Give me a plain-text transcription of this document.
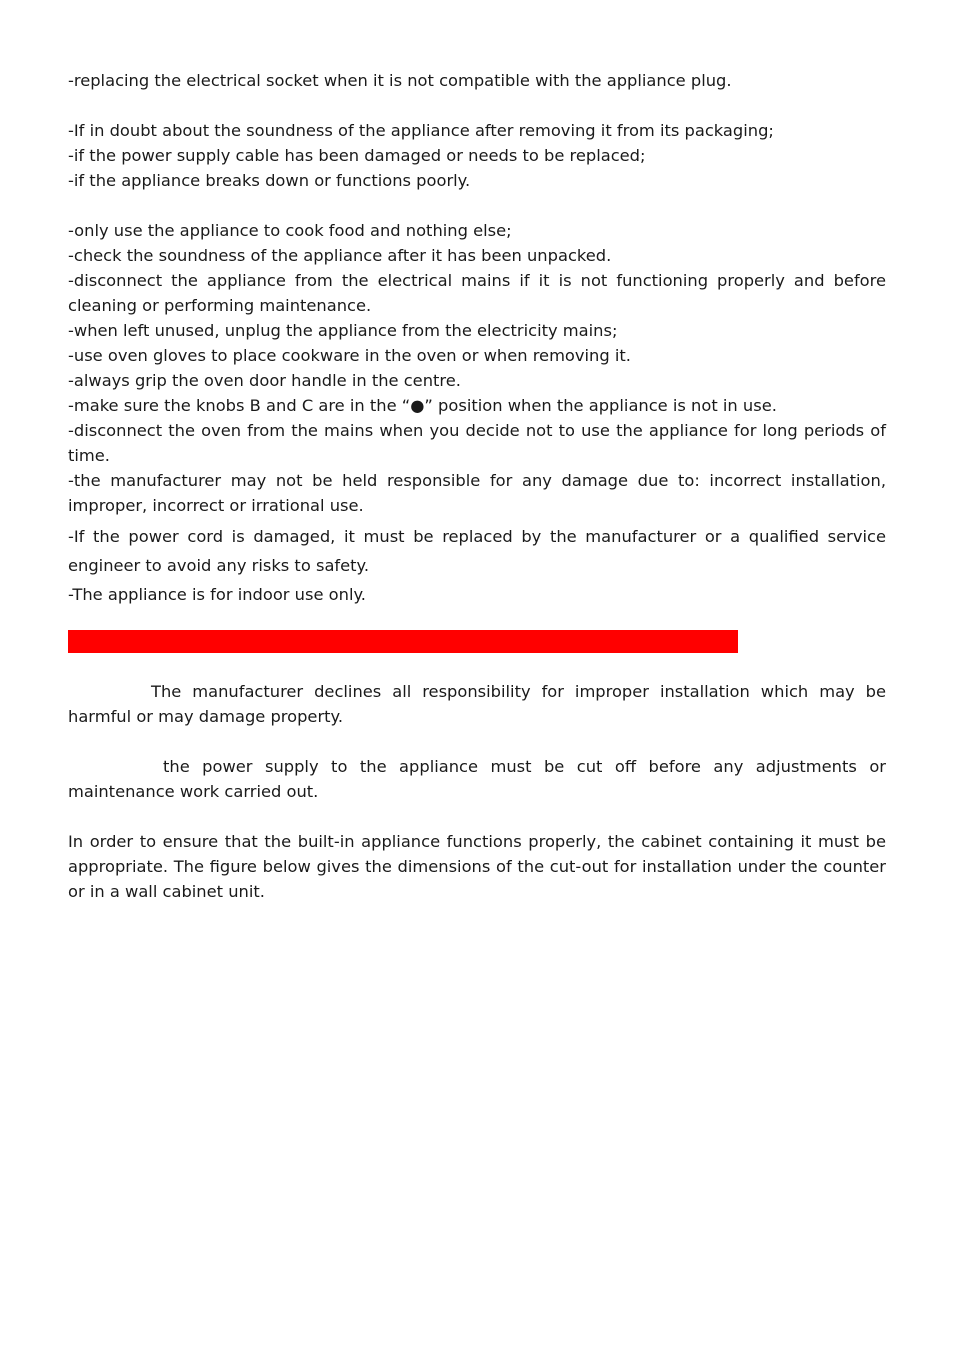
-replacing the electrical socket when it is not compatible with the appliance plug.

-If in doubt about the soundness of the appliance after removing it from its packaging;

-if the power supply cable has been damaged or needs to be replaced;

-if the appliance breaks down or functions poorly.

-only use the appliance to cook food and nothing else;

-check the soundness of the appliance after it has been unpacked.

-disconnect the appliance from the electrical mains if it is not functioning properly and before cleaning or performing maintenance.

-when left unused, unplug the appliance from the electricity mains;

-use oven gloves to place cookware in the oven or when removing it.

-always grip the oven door handle in the centre.

-make sure the knobs B and C are in the “●” position when the appliance is not in use.

-disconnect the oven from the mains when you decide not to use the appliance for long periods of time.

-the manufacturer may not be held responsible for any damage due to: incorrect installation, improper, incorrect or irrational use.

-If the power cord is damaged, it must be replaced by the manufacturer or a qualified service engineer to avoid any risks to safety.

-The appliance is for indoor use only.

The manufacturer declines all responsibility for improper installation which may be harmful or may damage property.

the power supply to the appliance must be cut off before any adjustments or maintenance work carried out.

In order to ensure that the built-in appliance functions properly, the cabinet containing it must be appropriate. The figure below gives the dimensions of the cut-out for installation under the counter or in a wall cabinet unit.
